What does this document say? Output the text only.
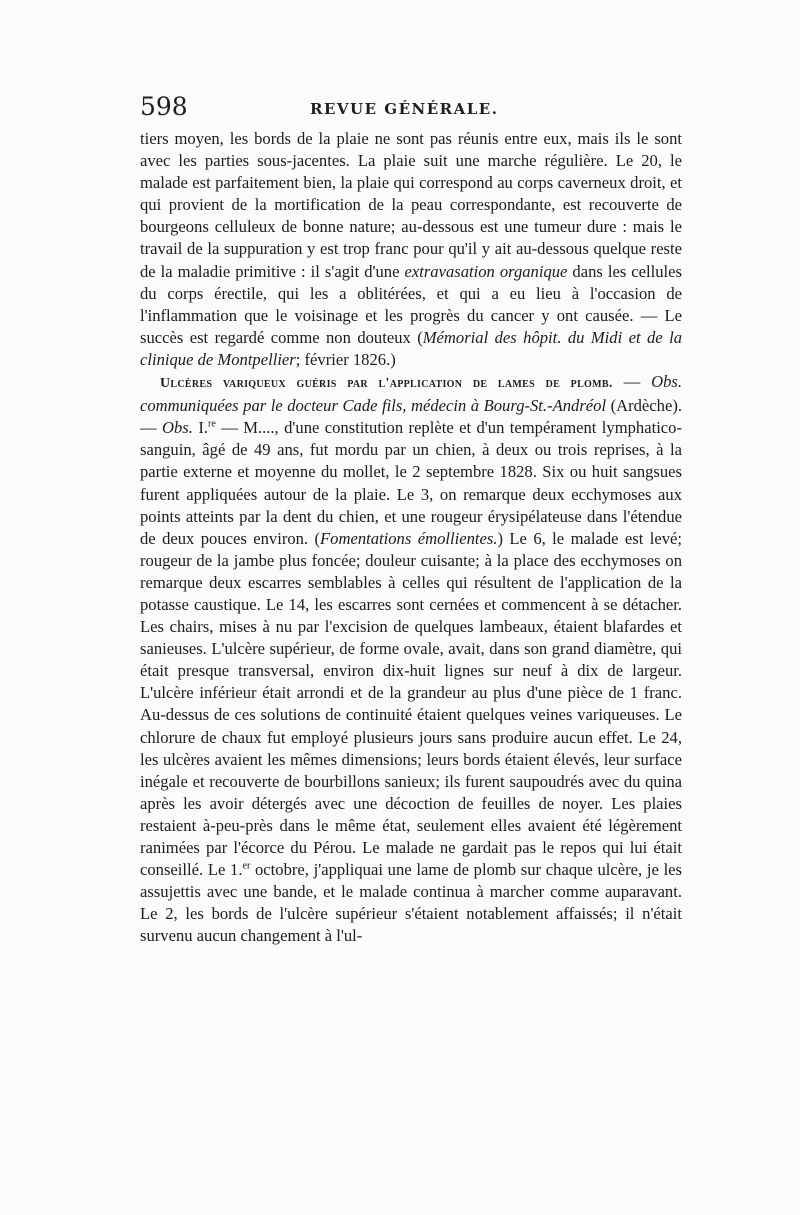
598	REVUE GÉNÉRALE.

tiers moyen, les bords de la plaie ne sont pas réunis entre eux, mais ils le sont avec les parties sous-jacentes. La plaie suit une marche régulière. Le 20, le malade est parfaitement bien, la plaie qui correspond au corps caverneux droit, et qui provient de la mortification de la peau correspondante, est recouverte de bourgeons celluleux de bonne nature; au-dessous est une tumeur dure : mais le travail de la suppuration y est trop franc pour qu'il y ait au-dessous quelque reste de la maladie primitive : il s'agit d'une extravasation organique dans les cellules du corps érectile, qui les a oblitérées, et qui a eu lieu à l'occasion de l'inflammation que le voisinage et les progrès du cancer y ont causée. — Le succès est regardé comme non douteux (Mémorial des hôpit. du Midi et de la clinique de Montpellier; février 1826.)

Ulcères variqueux guéris par l'application de lames de plomb. — Obs. communiquées par le docteur Cade fils, médecin à Bourg-St.-Andréol (Ardèche). — Obs. I.$^{re}$ — M...., d'une constitution replète et d'un tempérament lymphatico-sanguin, âgé de 49 ans, fut mordu par un chien, à deux ou trois reprises, à la partie externe et moyenne du mollet, le 2 septembre 1828. Six ou huit sangsues furent appliquées autour de la plaie. Le 3, on remarque deux ecchymoses aux points atteints par la dent du chien, et une rougeur érysipélateuse dans l'étendue de deux pouces environ. (Fomentations émollientes.) Le 6, le malade est levé; rougeur de la jambe plus foncée; douleur cuisante; à la place des ecchymoses on remarque deux escarres semblables à celles qui résultent de l'application de la potasse caustique. Le 14, les escarres sont cernées et commencent à se détacher. Les chairs, mises à nu par l'excision de quelques lambeaux, étaient blafardes et sanieuses. L'ulcère supérieur, de forme ovale, avait, dans son grand diamètre, qui était presque transversal, environ dix-huit lignes sur neuf à dix de largeur. L'ulcère inférieur était arrondi et de la grandeur au plus d'une pièce de 1 franc. Au-dessus de ces solutions de continuité étaient quelques veines variqueuses. Le chlorure de chaux fut employé plusieurs jours sans produire aucun effet. Le 24, les ulcères avaient les mêmes dimensions; leurs bords étaient élevés, leur surface inégale et recouverte de bourbillons sanieux; ils furent saupoudrés avec du quina après les avoir détergés avec une décoction de feuilles de noyer. Les plaies restaient à-peu-près dans le même état, seulement elles avaient été légèrement ranimées par l'écorce du Pérou. Le malade ne gardait pas le repos qui lui était conseillé. Le 1.$^{er}$ octobre, j'appliquai une lame de plomb sur chaque ulcère, je les assujettis avec une bande, et le malade continua à marcher comme auparavant. Le 2, les bords de l'ulcère supérieur s'étaient notablement affaissés; il n'était survenu aucun changement à l'ul-
